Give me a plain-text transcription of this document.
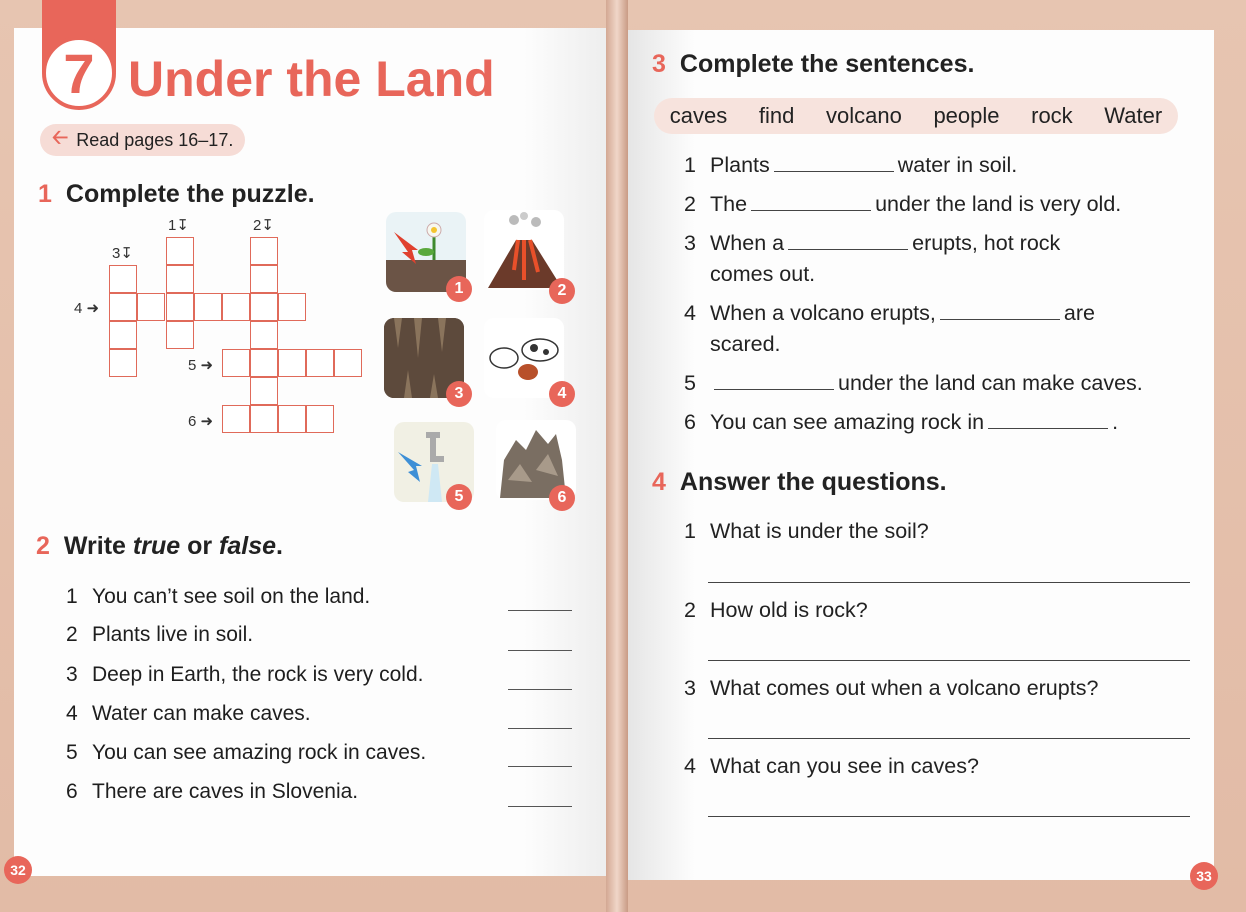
7 Under the Land
🡠 Read pages 16–17.
1 Complete the puzzle.
1↧	2↧
3↧
4 ➜
5 ➜
6 ➜
1	2
3	4
5	6
2 Write true or false.
1 You can’t see soil on the land.
2 Plants live in soil.
3 Deep in Earth, the rock is very cold.
4 Water can make caves.
5 You can see amazing rock in caves.
6 There are caves in Slovenia.
32
3 Complete the sentences.
caves find volcano people rock Water
1 Plants	water in soil.
2 The	under the land is very old.
3 When a	erupts, hot rock
comes out.
4 When a volcano erupts,	are
scared.
5	under the land can make caves.
6 You can see amazing rock in	.
4 Answer the questions.
1 What is under the soil?
2 How old is rock?
3 What comes out when a volcano erupts?
4 What can you see in caves?
33
